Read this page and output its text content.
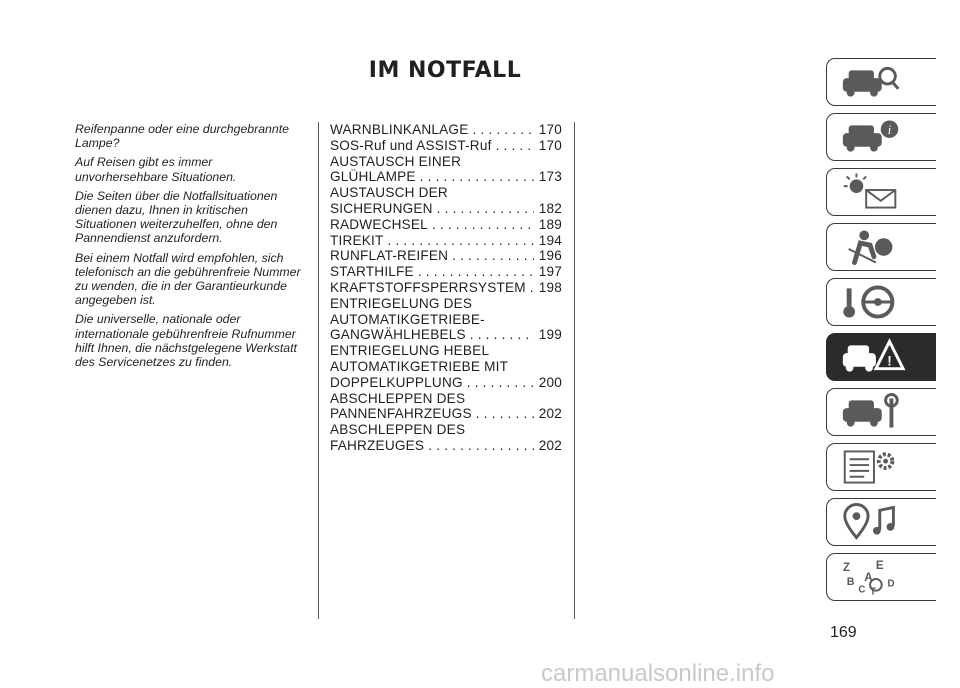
IM NOTFALL

Reifenpanne oder eine durchgebrannte Lampe?

Auf Reisen gibt es immer unvorhersehbare Situationen.

Die Seiten über die Notfallsituationen dienen dazu, Ihnen in kritischen Situationen weiterzuhelfen, ohne den Pannendienst anzufordern.

Bei einem Notfall wird empfohlen, sich telefonisch an die gebührenfreie Nummer zu wenden, die in der Garantieurkunde angegeben ist.

Die universelle, nationale oder internationale gebührenfreie Rufnummer hilft Ihnen, die nächstgelegene Werkstatt des Servicenetzes zu finden.

WARNBLINKANLAGE . . .	170
SOS-Ruf und ASSIST-Ruf . . .	170
AUSTAUSCH EINER
GLÜHLAMPE . . .	173
AUSTAUSCH DER
SICHERUNGEN . . .	182
RADWECHSEL . . .	189
TIREKIT . . .	194
RUNFLAT-REIFEN . . .	196
STARTHILFE . . .	197
KRAFTSTOFFSPERRSYSTEM . . . 198
ENTRIEGELUNG DES
AUTOMATIKGETRIEBE-
GANGWÄHLHEBELS . . .	199
ENTRIEGELUNG HEBEL
AUTOMATIKGETRIEBE MIT
DOPPELKUPPLUNG . . .	200
ABSCHLEPPEN DES
PANNENFAHRZEUGS . . .	202
ABSCHLEPPEN DES
FAHRZEUGES . . .	202
i
!
Z E
B A
D
C T
169
carmanualsonline.info
